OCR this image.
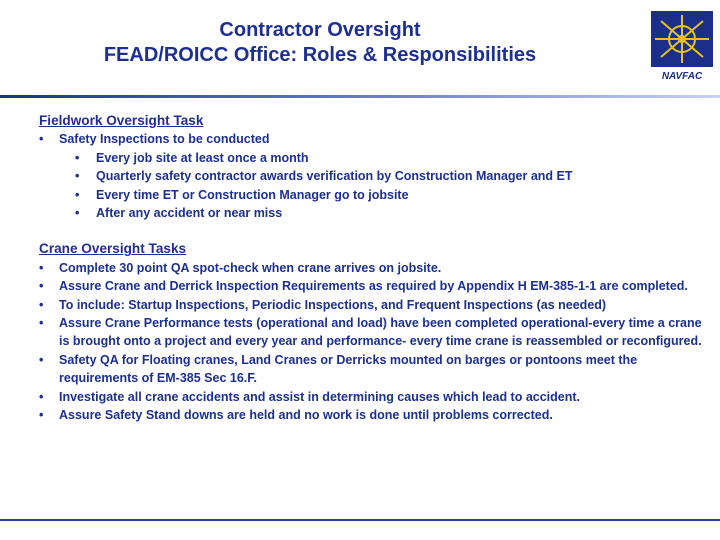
Contractor Oversight
FEAD/ROICC Office: Roles & Responsibilities
NAVFAC
Fieldwork Oversight Task
• Safety Inspections to be conducted
• Every job site at least once a month
• Quarterly safety contractor awards verification by Construction Manager and ET
• Every time ET or Construction Manager go to jobsite
• After any accident or near miss
Crane Oversight Tasks
• Complete 30 point QA spot-check when crane arrives on jobsite.
• Assure Crane and Derrick Inspection Requirements as required by Appendix H EM-385-1-1 are completed.
• To include: Startup Inspections, Periodic Inspections, and Frequent Inspections (as needed)
• Assure Crane Performance tests (operational and load) have been completed operational-every time a crane is brought onto a project and every year and performance- every time crane is reassembled or reconfigured.
• Safety QA for Floating cranes, Land Cranes or Derricks mounted on barges or pontoons meet the requirements of EM-385 Sec 16.F.
• Investigate all crane accidents and assist in determining causes which lead to accident.
• Assure Safety Stand downs are held and no work is done until problems corrected.
